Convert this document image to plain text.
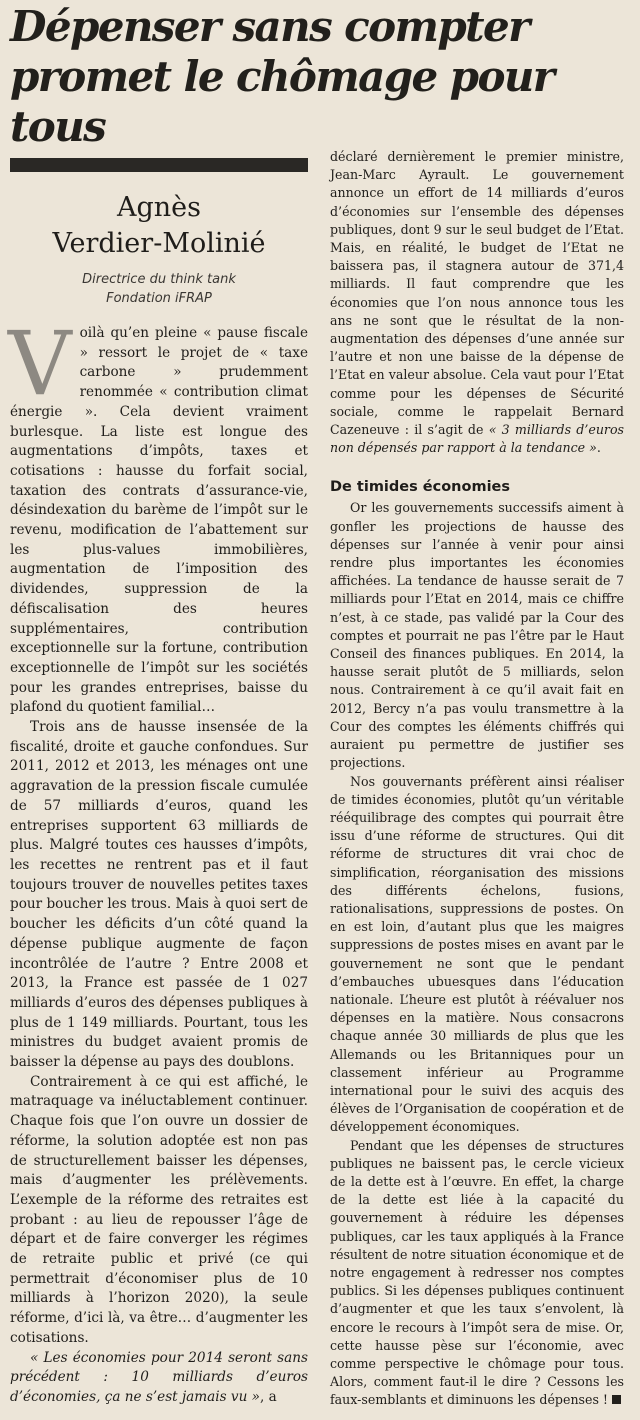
Dépenser sans compter promet le chômage pour tous
Agnès
Verdier-Molinié
Directrice du think tank
Fondation iFRAP

Voilà qu’en pleine « pause fiscale » ressort le projet de « taxe carbone » prudemment renommée « contribution climat énergie ». Cela devient vraiment burlesque. La liste est longue des augmentations d’impôts, taxes et cotisations : hausse du forfait social, taxation des contrats d’assurance-vie, désindexation du barème de l’impôt sur le revenu, modification de l’abattement sur les plus-values immobilières, augmentation de l’imposition des dividendes, suppression de la défiscalisation des heures supplémentaires, contribution exceptionnelle sur la fortune, contribution exceptionnelle de l’impôt sur les sociétés pour les grandes entreprises, baisse du plafond du quotient familial…

Trois ans de hausse insensée de la fiscalité, droite et gauche confondues. Sur 2011, 2012 et 2013, les ménages ont une aggravation de la pression fiscale cumulée de 57 milliards d’euros, quand les entreprises supportent 63 milliards de plus. Malgré toutes ces hausses d’impôts, les recettes ne rentrent pas et il faut toujours trouver de nouvelles petites taxes pour boucher les trous. Mais à quoi sert de boucher les déficits d’un côté quand la dépense publique augmente de façon incontrôlée de l’autre ? Entre 2008 et 2013, la France est passée de 1 027 milliards d’euros des dépenses publiques à plus de 1 149 milliards. Pourtant, tous les ministres du budget avaient promis de baisser la dépense au pays des doublons.

Contrairement à ce qui est affiché, le matraquage va inéluctablement continuer. Chaque fois que l’on ouvre un dossier de réforme, la solution adoptée est non pas de structurellement baisser les dépenses, mais d’augmenter les prélèvements. L’exemple de la réforme des retraites est probant : au lieu de repousser l’âge de départ et de faire converger les régimes de retraite public et privé (ce qui permettrait d’économiser plus de 10 milliards à l’horizon 2020), la seule réforme, d’ici là, va être… d’augmenter les cotisations.

« Les économies pour 2014 seront sans précédent : 10 milliards d’euros d’économies, ça ne s’est jamais vu », a

déclaré dernièrement le premier ministre, Jean-Marc Ayrault. Le gouvernement annonce un effort de 14 milliards d’euros d’économies sur l’ensemble des dépenses publiques, dont 9 sur le seul budget de l’Etat. Mais, en réalité, le budget de l’Etat ne baissera pas, il stagnera autour de 371,4 milliards. Il faut comprendre que les économies que l’on nous annonce tous les ans ne sont que le résultat de la non-augmentation des dépenses d’une année sur l’autre et non une baisse de la dépense de l’Etat en valeur absolue. Cela vaut pour l’Etat comme pour les dépenses de Sécurité sociale, comme le rappelait Bernard Cazeneuve : il s’agit de « 3 milliards d’euros non dépensés par rapport à la tendance ».

De timides économies

Or les gouvernements successifs aiment à gonfler les projections de hausse des dépenses sur l’année à venir pour ainsi rendre plus importantes les économies affichées. La tendance de hausse serait de 7 milliards pour l’Etat en 2014, mais ce chiffre n’est, à ce stade, pas validé par la Cour des comptes et pourrait ne pas l’être par le Haut Conseil des finances publiques. En 2014, la hausse serait plutôt de 5 milliards, selon nous. Contrairement à ce qu’il avait fait en 2012, Bercy n’a pas voulu transmettre à la Cour des comptes les éléments chiffrés qui auraient pu permettre de justifier ses projections.

Nos gouvernants préfèrent ainsi réaliser de timides économies, plutôt qu’un véritable rééquilibrage des comptes qui pourrait être issu d’une réforme de structures. Qui dit réforme de structures dit vrai choc de simplification, réorganisation des missions des différents échelons, fusions, rationalisations, suppressions de postes. On en est loin, d’autant plus que les maigres suppressions de postes mises en avant par le gouvernement ne sont que le pendant d’embauches ubuesques dans l’éducation nationale. L’heure est plutôt à réévaluer nos dépenses en la matière. Nous consacrons chaque année 30 milliards de plus que les Allemands ou les Britanniques pour un classement inférieur au Programme international pour le suivi des acquis des élèves de l’Organisation de coopération et de développement économiques.

Pendant que les dépenses de structures publiques ne baissent pas, le cercle vicieux de la dette est à l’œuvre. En effet, la charge de la dette est liée à la capacité du gouvernement à réduire les dépenses publiques, car les taux appliqués à la France résultent de notre situation économique et de notre engagement à redresser nos comptes publics. Si les dépenses publiques continuent d’augmenter et que les taux s’envolent, là encore le recours à l’impôt sera de mise. Or, cette hausse pèse sur l’économie, avec comme perspective le chômage pour tous. Alors, comment faut-il le dire ? Cessons les faux-semblants et diminuons les dépenses !
